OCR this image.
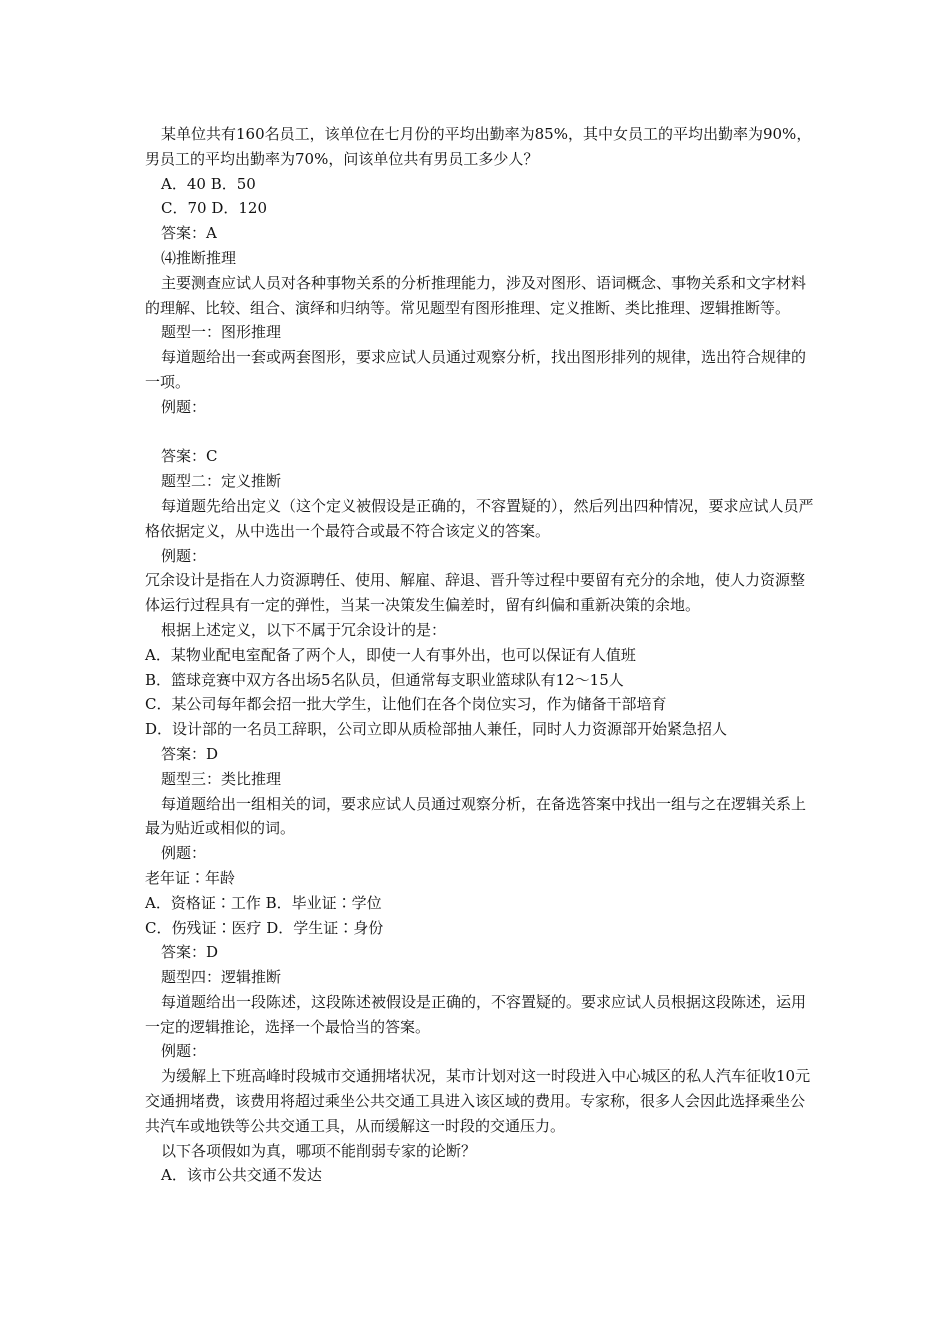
某单位共有160名员工，该单位在七月份的平均出勤率为85%，其中女员工的平均出勤率为90%，男员工的平均出勤率为70%，问该单位共有男员工多少人？

A．40 B．50

C．70 D．120

答案：A

⑷推断推理

主要测查应试人员对各种事物关系的分析推理能力，涉及对图形、语词概念、事物关系和文字材料的理解、比较、组合、演绎和归纳等。常见题型有图形推理、定义推断、类比推理、逻辑推断等。

题型一：图形推理

每道题给出一套或两套图形，要求应试人员通过观察分析，找出图形排列的规律，选出符合规律的一项。

例题：

答案：C

题型二：定义推断

每道题先给出定义（这个定义被假设是正确的，不容置疑的），然后列出四种情况，要求应试人员严格依据定义，从中选出一个最符合或最不符合该定义的答案。

例题：

冗余设计是指在人力资源聘任、使用、解雇、辞退、晋升等过程中要留有充分的余地，使人力资源整体运行过程具有一定的弹性，当某一决策发生偏差时，留有纠偏和重新决策的余地。

根据上述定义，以下不属于冗余设计的是：

A．某物业配电室配备了两个人，即使一人有事外出，也可以保证有人值班

B．篮球竞赛中双方各出场5名队员，但通常每支职业篮球队有12～15人

C．某公司每年都会招一批大学生，让他们在各个岗位实习，作为储备干部培育

D．设计部的一名员工辞职，公司立即从质检部抽人兼任，同时人力资源部开始紧急招人

答案：D

题型三：类比推理

每道题给出一组相关的词，要求应试人员通过观察分析，在备选答案中找出一组与之在逻辑关系上最为贴近或相似的词。

例题：

老年证∶年龄

A．资格证∶工作 B．毕业证∶学位

C．伤残证∶医疗 D．学生证∶身份

答案：D

题型四：逻辑推断

每道题给出一段陈述，这段陈述被假设是正确的，不容置疑的。要求应试人员根据这段陈述，运用一定的逻辑推论，选择一个最恰当的答案。

例题：

为缓解上下班高峰时段城市交通拥堵状况，某市计划对这一时段进入中心城区的私人汽车征收10元交通拥堵费，该费用将超过乘坐公共交通工具进入该区域的费用。专家称，很多人会因此选择乘坐公共汽车或地铁等公共交通工具，从而缓解这一时段的交通压力。

以下各项假如为真，哪项不能削弱专家的论断？

A．该市公共交通不发达
